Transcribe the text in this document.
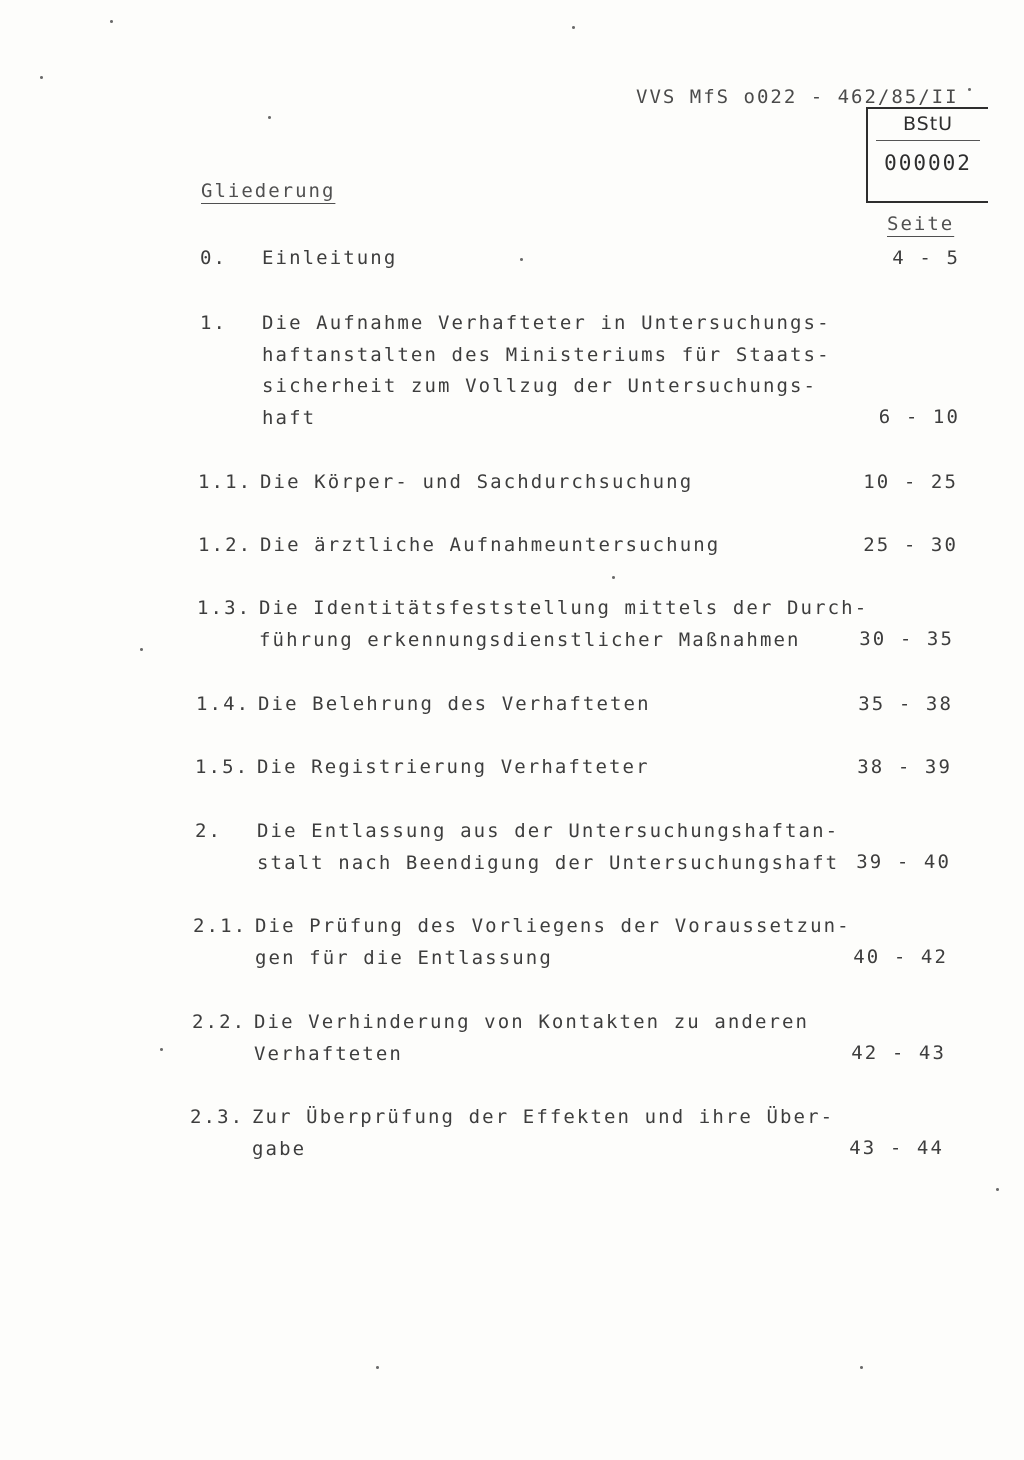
VVS MfS o022 - 462/85/II
BStU
000002
Gliederung
Seite
0. Einleitung	4 - 5
1. Die Aufnahme Verhafteter in Untersuchungs-
haftanstalten des Ministeriums für Staats-
sicherheit zum Vollzug der Untersuchungs-
haft	6 - 10
1.1. Die Körper- und Sachdurchsuchung	10 - 25
1.2. Die ärztliche Aufnahmeuntersuchung	25 - 30
1.3. Die Identitätsfeststellung mittels der Durch-
führung erkennungsdienstlicher Maßnahmen	30 - 35
1.4. Die Belehrung des Verhafteten	35 - 38
1.5. Die Registrierung Verhafteter	38 - 39
2. Die Entlassung aus der Untersuchungshaftan-
stalt nach Beendigung der Untersuchungshaft 39 - 40
2.1. Die Prüfung des Vorliegens der Voraussetzun-
gen für die Entlassung	40 - 42
2.2. Die Verhinderung von Kontakten zu anderen
Verhafteten	42 - 43
2.3. Zur Überprüfung der Effekten und ihre Über-
gabe	43 - 44
